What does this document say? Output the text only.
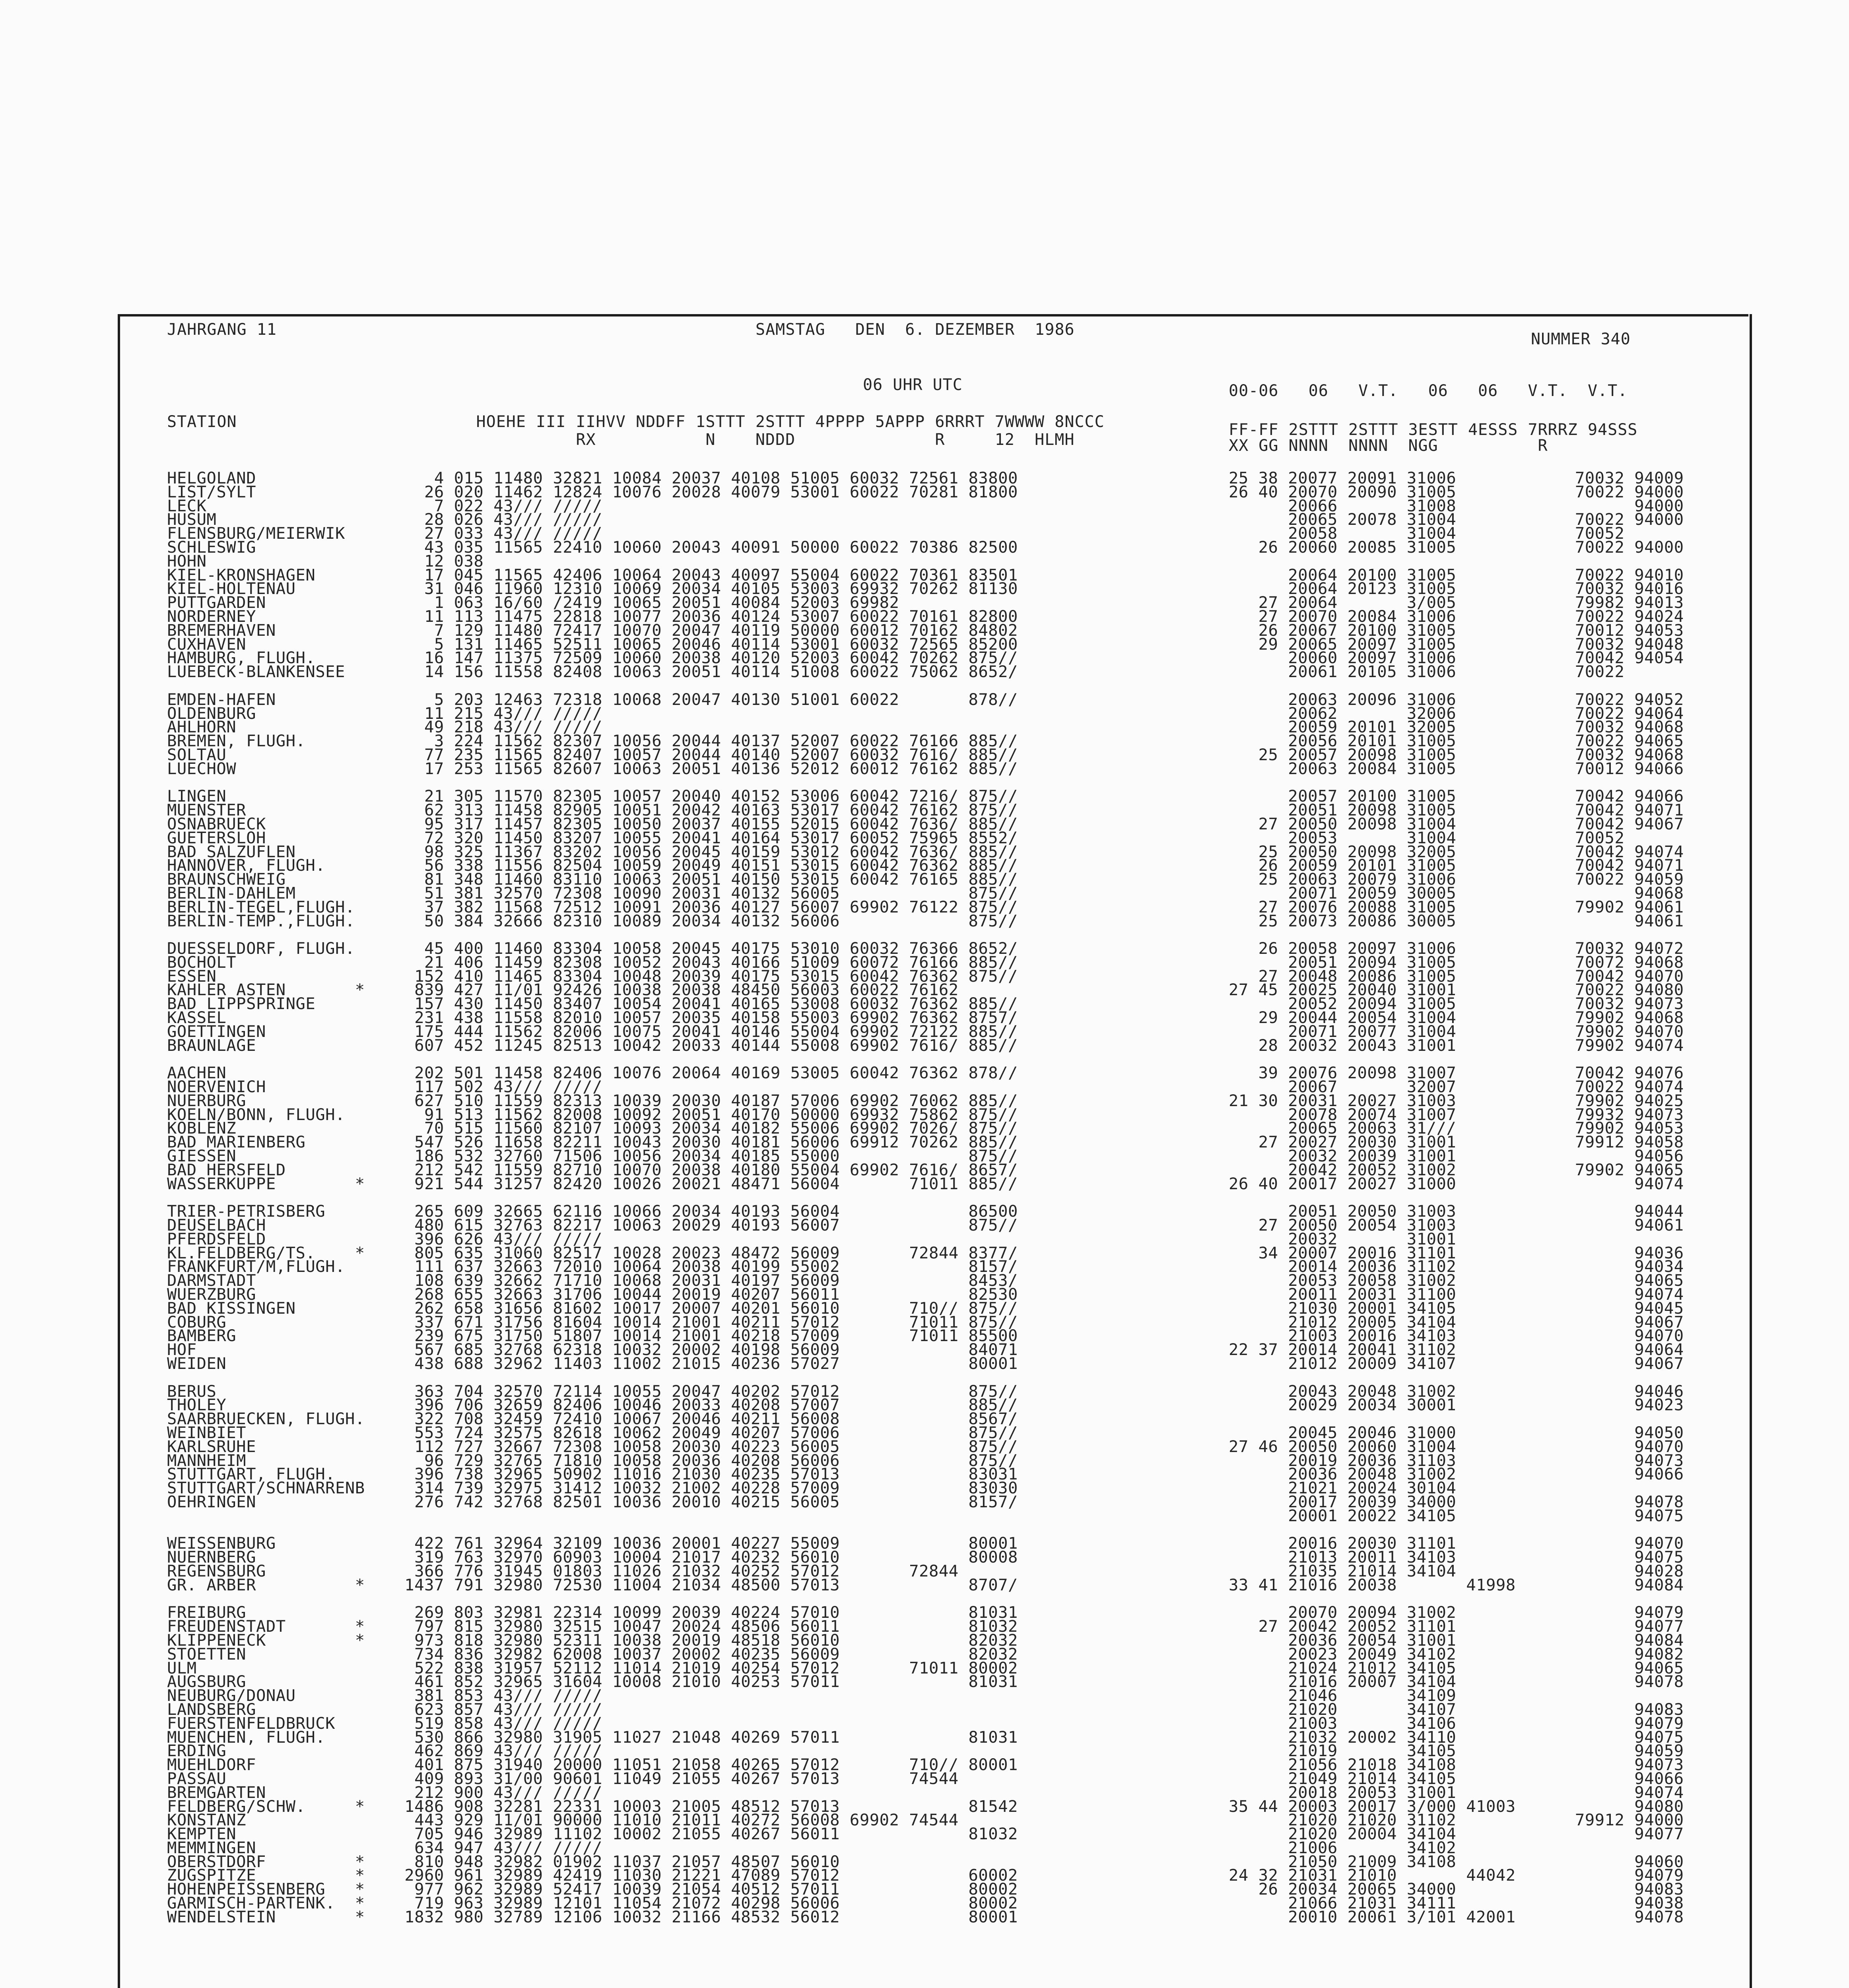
JAHRGANG 11	SAMSTAG   DEN  6. DEZEMBER  1986
NUMMER 340
06 UHR UTC
STATION                        HOEHE III IIHVV NDDFF 1STTT 2STTT 4PPPP 5APPP 6RRRT 7WWWW 8NCCC
RX           N    NDDD              R     12  HLMH
00-06   06   V.T.   06   06   V.T.  V.T.
FF-FF 2STTT 2STTT 3ESTT 4ESSS 7RRRZ 94SSS
XX GG NNNN  NNNN  NGG          R
HELGOLAND                  4 015 11480 32821 10084 20037 40108 51005 60032 72561 83800
LIST/SYLT                 26 020 11462 12824 10076 20028 40079 53001 60022 70281 81800
LECK                       7 022 43/// /////
HUSUM                     28 026 43/// /////
FLENSBURG/MEIERWIK        27 033 43/// /////
SCHLESWIG                 43 035 11565 22410 10060 20043 40091 50000 60022 70386 82500
HOHN                      12 038
KIEL-KRONSHAGEN           17 045 11565 42406 10064 20043 40097 55004 60022 70361 83501
KIEL-HOLTENAU             31 046 11960 12310 10069 20034 40105 53003 69932 70262 81130
PUTTGARDEN                 1 063 16/60 /2419 10065 20051 40084 52003 69982
NORDERNEY                 11 113 11475 22818 10077 20036 40124 53007 60022 70161 82800
BREMERHAVEN                7 129 11480 72417 10070 20047 40119 50000 60012 70162 84802
CUXHAVEN                   5 131 11465 52511 10065 20046 40114 53001 60032 72565 85200
HAMBURG, FLUGH.           16 147 11375 72509 10060 20038 40120 52003 60042 70262 875//
LUEBECK-BLANKENSEE        14 156 11558 82408 10063 20051 40114 51008 60022 75062 8652/
EMDEN-HAFEN                5 203 12463 72318 10068 20047 40130 51001 60022       878//
OLDENBURG                 11 215 43/// /////
AHLHORN                   49 218 43/// /////
BREMEN, FLUGH.             3 224 11562 82307 10056 20044 40137 52007 60022 76166 885//
SOLTAU                    77 235 11565 82407 10057 20044 40140 52007 60032 7616/ 885//
LUECHOW                   17 253 11565 82607 10063 20051 40136 52012 60012 76162 885//
LINGEN                    21 305 11570 82305 10057 20040 40152 53006 60042 7216/ 875//
MUENSTER                  62 313 11458 82905 10051 20042 40163 53017 60042 76162 875//
OSNABRUECK                95 317 11457 82305 10050 20037 40155 52015 60042 7636/ 885//
GUETERSLOH                72 320 11450 83207 10055 20041 40164 53017 60052 75965 8552/
BAD SALZUFLEN             98 325 11367 83202 10056 20045 40159 53012 60042 7636/ 885//
HANNOVER, FLUGH.          56 338 11556 82504 10059 20049 40151 53015 60042 76362 885//
BRAUNSCHWEIG              81 348 11460 83110 10063 20051 40150 53015 60042 76165 885//
BERLIN-DAHLEM             51 381 32570 72308 10090 20031 40132 56005             875//
BERLIN-TEGEL,FLUGH.       37 382 11568 72512 10091 20036 40127 56007 69902 76122 875//
BERLIN-TEMP.,FLUGH.       50 384 32666 82310 10089 20034 40132 56006             875//
DUESSELDORF, FLUGH.       45 400 11460 83304 10058 20045 40175 53010 60032 76366 8652/
BOCHOLT                   21 406 11459 82308 10052 20043 40166 51009 60072 76166 885//
ESSEN                    152 410 11465 83304 10048 20039 40175 53015 60042 76362 875//
KAHLER ASTEN       *     839 427 11/01 92426 10038 20038 48450 56003 60022 76162
BAD LIPPSPRINGE          157 430 11450 83407 10054 20041 40165 53008 60032 76362 885//
KASSEL                   231 438 11558 82010 10057 20035 40158 55003 69902 76362 8757/
GOETTINGEN               175 444 11562 82006 10075 20041 40146 55004 69902 72122 885//
BRAUNLAGE                607 452 11245 82513 10042 20033 40144 55008 69902 7616/ 885//
AACHEN                   202 501 11458 82406 10076 20064 40169 53005 60042 76362 878//
NOERVENICH               117 502 43/// /////
NUERBURG                 627 510 11559 82313 10039 20030 40187 57006 69902 76062 885//
KOELN/BONN, FLUGH.        91 513 11562 82008 10092 20051 40170 50000 69932 75862 875//
KOBLENZ                   70 515 11560 82107 10093 20034 40182 55006 69902 7026/ 875//
BAD MARIENBERG           547 526 11658 82211 10043 20030 40181 56006 69912 70262 885//
GIESSEN                  186 532 32760 71506 10056 20034 40185 55000             875//
BAD HERSFELD             212 542 11559 82710 10070 20038 40180 55004 69902 7616/ 8657/
WASSERKUPPE        *     921 544 31257 82420 10026 20021 48471 56004       71011 885//
TRIER-PETRISBERG         265 609 32665 62116 10066 20034 40193 56004             86500
DEUSELBACH               480 615 32763 82217 10063 20029 40193 56007             875//
PFERDSFELD               396 626 43/// /////
KL.FELDBERG/TS.    *     805 635 31060 82517 10028 20023 48472 56009       72844 8377/
FRANKFURT/M,FLUGH.       111 637 32663 72010 10064 20038 40199 55002             8157/
DARMSTADT                108 639 32662 71710 10068 20031 40197 56009             8453/
WUERZBURG                268 655 32663 31706 10044 20019 40207 56011             82530
BAD KISSINGEN            262 658 31656 81602 10017 20007 40201 56010       710// 875//
COBURG                   337 671 31756 81604 10014 21001 40211 57012       71011 875//
BAMBERG                  239 675 31750 51807 10014 21001 40218 57009       71011 85500
HOF                      567 685 32768 62318 10032 20002 40198 56009             84071
WEIDEN                   438 688 32962 11403 11002 21015 40236 57027             80001
BERUS                    363 704 32570 72114 10055 20047 40202 57012             875//
THOLEY                   396 706 32659 82406 10046 20033 40208 57007             885//
SAARBRUECKEN, FLUGH.     322 708 32459 72410 10067 20046 40211 56008             8567/
WEINBIET                 553 724 32575 82618 10062 20049 40207 57006             875//
KARLSRUHE                112 727 32667 72308 10058 20030 40223 56005             875//
MANNHEIM                  96 729 32765 71810 10058 20036 40208 56006             875//
STUTTGART, FLUGH.        396 738 32965 50902 11016 21030 40235 57013             83031
STUTTGART/SCHNARRENB     314 739 32975 31412 10032 21002 40228 57009             83030
OEHRINGEN                276 742 32768 82501 10036 20010 40215 56005             8157/
WEISSENBURG              422 761 32964 32109 10036 20001 40227 55009             80001
NUERNBERG                319 763 32970 60903 10004 21017 40232 56010             80008
REGENSBURG               366 776 31945 01803 11026 21032 40252 57012       72844
GR. ARBER          *    1437 791 32980 72530 11004 21034 48500 57013             8707/
FREIBURG                 269 803 32981 22314 10099 20039 40224 57010             81031
FREUDENSTADT       *     797 815 32980 32515 10047 20024 48506 56011             81032
KLIPPENECK         *     973 818 32980 52311 10038 20019 48518 56010             82032
STOETTEN                 734 836 32982 62008 10037 20002 40235 56009             82032
ULM                      522 838 31957 52112 11014 21019 40254 57012       71011 80002
AUGSBURG                 461 852 32965 31604 10008 21010 40253 57011             81031
NEUBURG/DONAU            381 853 43/// /////
LANDSBERG                623 857 43/// /////
FUERSTENFELDBRUCK        519 858 43/// /////
MUENCHEN, FLUGH.         530 866 32980 31905 11027 21048 40269 57011             81031
ERDING                   462 869 43/// /////
MUEHLDORF                401 875 31940 20000 11051 21058 40265 57012       710// 80001
PASSAU                   409 893 31/00 90601 11049 21055 40267 57013       74544
BREMGARTEN               212 900 43/// /////
FELDBERG/SCHW.     *    1486 908 32281 22331 10003 21005 48512 57013             81542
KONSTANZ                 443 929 11/01 90000 11010 21011 40272 56008 69902 74544
KEMPTEN                  705 946 32989 11102 10002 21055 40267 56011             81032
MEMMINGEN                634 947 43/// /////
OBERSTDORF         *     810 948 32982 01902 11037 21057 48507 56010
ZUGSPITZE          *    2960 961 32989 42419 11030 21221 47089 57012             60002
HOHENPEISSENBERG   *     977 962 32989 52417 10039 21054 40512 57011             80002
GARMISCH-PARTENK.  *     719 963 32989 12101 11054 21072 40298 56006             80002
WENDELSTEIN        *    1832 980 32789 12106 10032 21166 48532 56012             80001
25 38 20077 20091 31006            70032 94009
26 40 20070 20090 31005            70022 94000
20066       31008                  94000
20065 20078 31004            70022 94000
20058       31004            70052
26 20060 20085 31005            70022 94000
20064 20100 31005            70022 94010
20064 20123 31005            70032 94016
27 20064       3/005            79982 94013
27 20070 20084 31006            70022 94024
26 20067 20100 31005            70012 94053
29 20065 20097 31005            70032 94048
20060 20097 31006            70042 94054
20061 20105 31006            70022
20063 20096 31006            70022 94052
20062       32006            70022 94064
20059 20101 32005            70032 94068
20056 20101 31005            70022 94065
25 20057 20098 31005            70032 94068
20063 20084 31005            70012 94066
20057 20100 31005            70042 94066
20051 20098 31005            70042 94071
27 20050 20098 31004            70042 94067
20053       31004            70052
25 20050 20098 32005            70042 94074
26 20059 20101 31005            70042 94071
25 20063 20079 31006            70022 94059
20071 20059 30005                  94068
27 20076 20088 31005            79902 94061
25 20073 20086 30005                  94061
26 20058 20097 31006            70032 94072
20051 20094 31005            70072 94068
27 20048 20086 31005            70042 94070
27 45 20025 20040 31001            70022 94080
20052 20094 31005            70032 94073
29 20044 20054 31004            79902 94068
20071 20077 31004            79902 94070
28 20032 20043 31001            79902 94074
39 20076 20098 31007            70042 94076
20067       32007            70022 94074
21 30 20031 20027 31003            79902 94025
20078 20074 31007            79932 94073
20065 20063 31///            79902 94053
27 20027 20030 31001            79912 94058
20032 20039 31001                  94056
20042 20052 31002            79902 94065
26 40 20017 20027 31000                  94074
20051 20050 31003                  94044
27 20050 20054 31003                  94061
20032       31001
34 20007 20016 31101                  94036
20014 20036 31102                  94034
20053 20058 31002                  94065
20011 20031 31100                  94074
21030 20001 34105                  94045
21012 20005 34104                  94067
21003 20016 34103                  94070
22 37 20014 20041 31102                  94064
21012 20009 34107                  94067
20043 20048 31002                  94046
20029 20034 30001                  94023
20045 20046 31000                  94050
27 46 20050 20060 31004                  94070
20019 20036 31103                  94073
20036 20048 31002                  94066
21021 20024 30104
20017 20039 34000                  94078
20001 20022 34105                  94075
20016 20030 31101                  94070
21013 20011 34103                  94075
21035 21014 34104                  94028
33 41 21016 20038       41998            94084
20070 20094 31002                  94079
27 20042 20052 31101                  94077
20036 20054 31001                  94084
20023 20049 34102                  94082
21024 21012 34105                  94065
21016 20007 34104                  94078
21046       34109
21020       34107                  94083
21003       34106                  94079
21032 20002 34110                  94075
21019       34105                  94059
21056 21018 34108                  94073
21049 21014 34105                  94066
20018 20053 31001                  94074
35 44 20003 20017 3/000 41003            94080
21020 21020 31102            79912 94000
21020 20004 34104                  94077
21006       34102
21050 21009 34108                  94060
24 32 21031 21010       44042            94079
26 20034 20065 34000                  94083
21066 21031 34111                  94038
20010 20061 3/101 42001            94078
